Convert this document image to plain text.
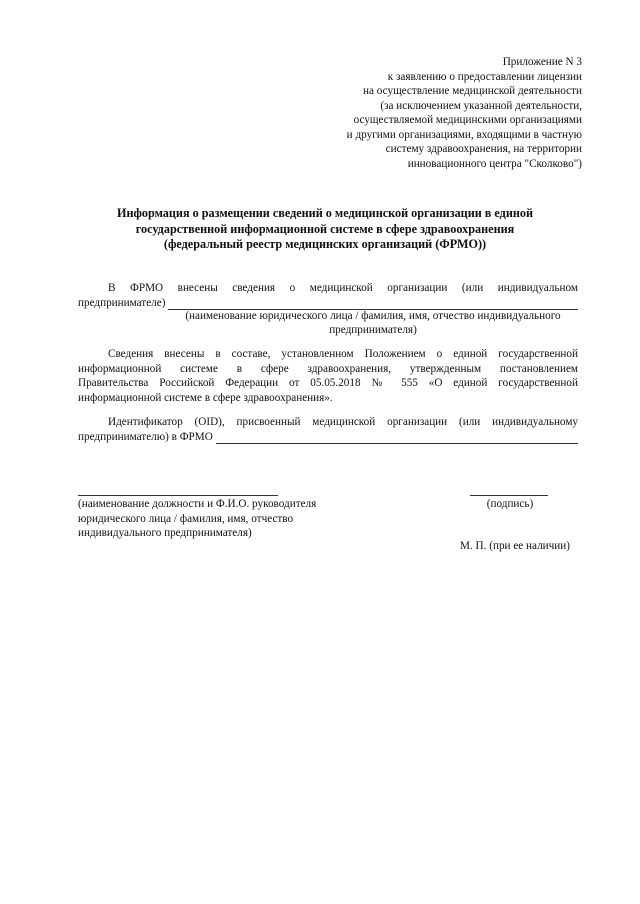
Приложение N 3
к заявлению о предоставлении лицензии
на осуществление медицинской деятельности
(за исключением указанной деятельности,
осуществляемой медицинскими организациями
и другими организациями, входящими в частную
систему здравоохранения, на территории
инновационного центра "Сколково")
Информация о размещении сведений о медицинской организации в единой
государственной информационной системе в сфере здравоохранения
(федеральный реестр медицинских организаций (ФРМО))
В ФРМО внесены сведения о медицинской организации (или индивидуальном
предпринимателе)
(наименование юридического лица / фамилия, имя, отчество индивидуального
предпринимателя)
Сведения внесены в составе, установленном Положением о единой государственной
информационной системе в сфере здравоохранения, утвержденным постановлением
Правительства Российской Федерации от 05.05.2018 № 555 «О единой государственной
информационной системе в сфере здравоохранения».
Идентификатор (OID), присвоенный медицинской организации (или индивидуальному
предпринимателю) в ФРМО
(наименование должности и Ф.И.О. руководителя
юридического лица / фамилия, имя, отчество
индивидуального предпринимателя)
(подпись)
М. П. (при ее наличии)
